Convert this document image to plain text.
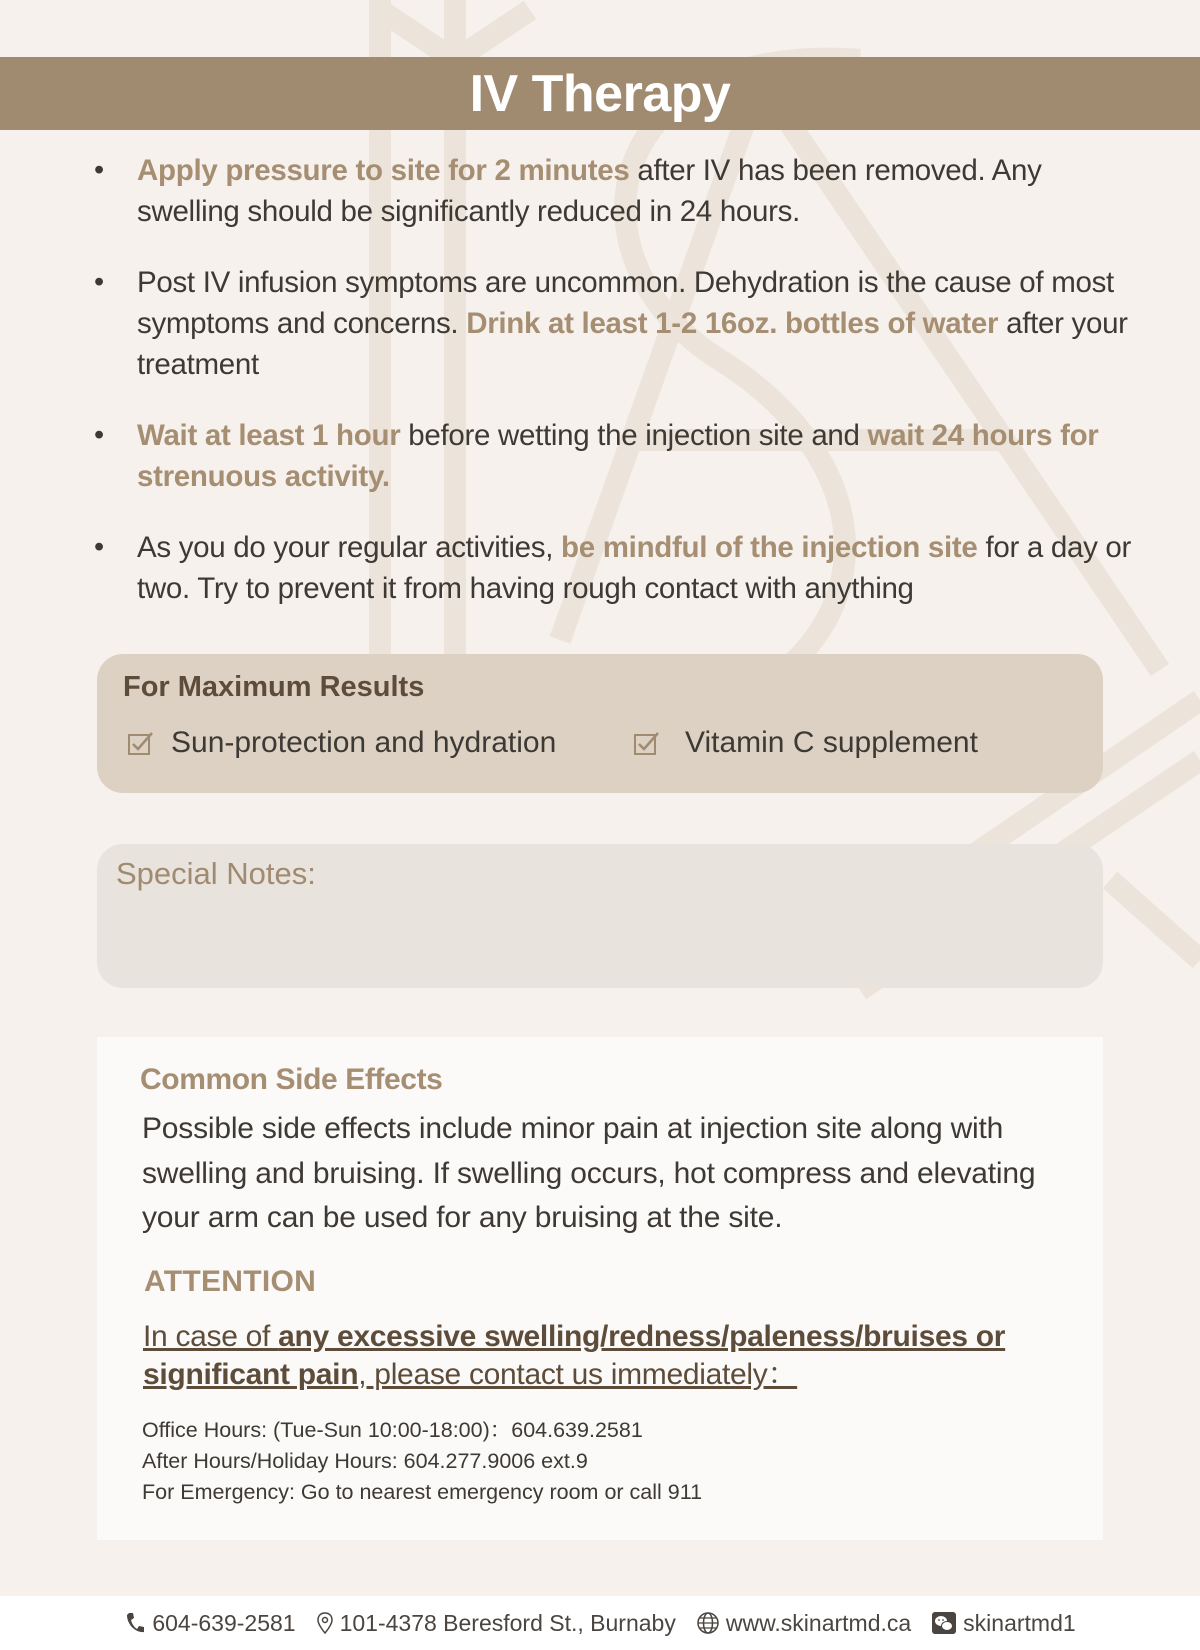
IV Therapy
• Apply pressure to site for 2 minutes after IV has been removed. Any swelling should be significantly reduced in 24 hours.
• Post IV infusion symptoms are uncommon. Dehydration is the cause of most symptoms and concerns. Drink at least 1-2 16oz. bottles of water after your treatment
• Wait at least 1 hour before wetting the injection site and wait 24 hours for strenuous activity.
• As you do your regular activities, be mindful of the injection site for a day or two. Try to prevent it from having rough contact with anything
For Maximum Results
Sun-protection and hydration	Vitamin C supplement
Special Notes:
Common Side Effects
Possible side effects include minor pain at injection site along with swelling and bruising. If swelling occurs, hot compress and elevating your arm can be used for any bruising at the site.
ATTENTION
In case of any excessive swelling/redness/paleness/bruises or significant pain, please contact us immediately：
Office Hours: (Tue-Sun 10:00-18:00)：604.639.2581
After Hours/Holiday Hours: 604.277.9006 ext.9
For Emergency: Go to nearest emergency room or call 911
604-639-2581 101-4378 Beresford St., Burnaby www.skinartmd.ca skinartmd1
